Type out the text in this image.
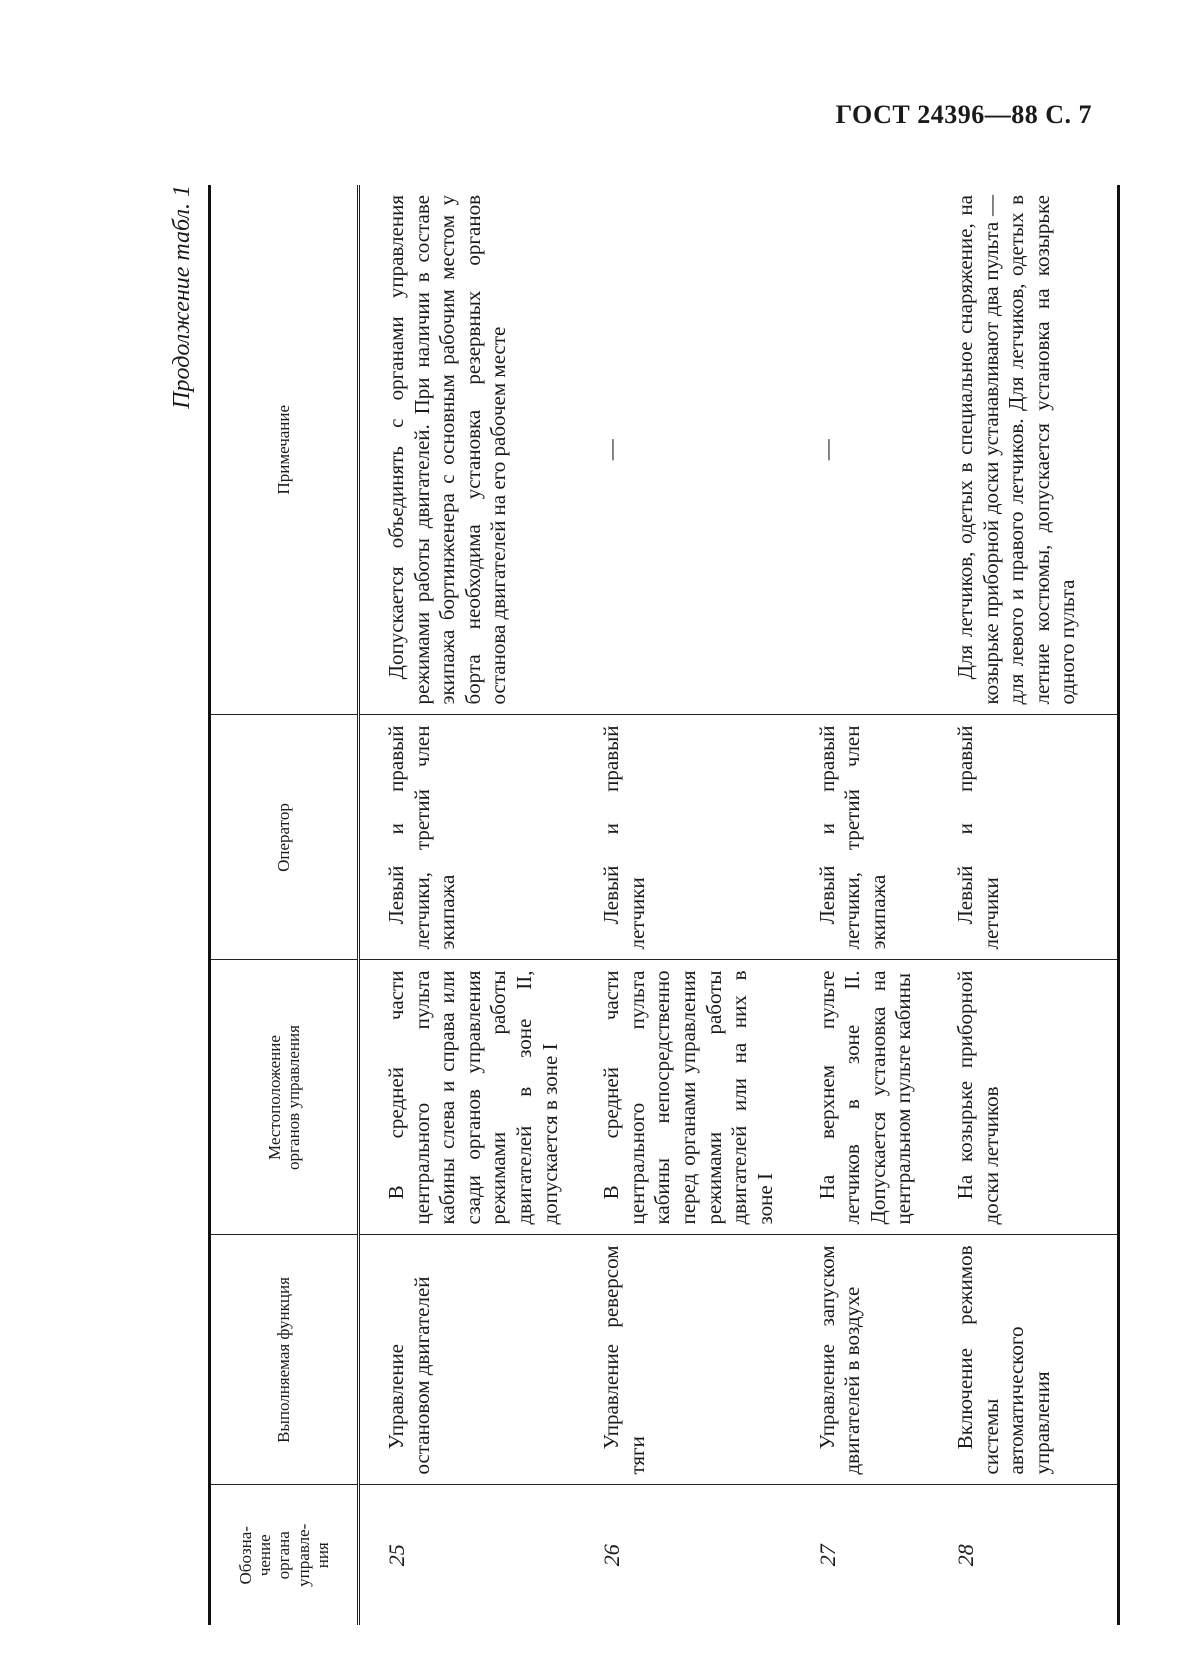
ГОСТ 24396—88 С. 7
Продолжение табл. 1
Обозна-
чение
органа
управле-
ния	Выполняемая функция	Местоположение
органов управления	Оператор	Примечание
25	Управление остановом двигателей	В средней части центрального пульта кабины слева и справа или сзади органов управления режимами работы двигателей в зоне II, допускается в зоне I	Левый и правый летчики, третий член экипажа	Допускается объединять с органами управления режимами работы двигателей. При наличии в составе экипажа бортинженера с основным рабочим местом у борта необходима установка резервных органов останова двигателей на его рабочем месте
26	Управление реверсом тяги	В средней части центрального пульта кабины непосредственно перед органами управления режимами работы двигателей или на них в зоне I	Левый и правый летчики	—
27	Управление запуском двигателей в воздухе	На верхнем пульте летчиков в зоне II. Допускается установка на центральном пульте кабины	Левый и правый летчики, третий член экипажа	—
28	Включение режимов системы автоматического управления	На козырьке приборной доски летчиков	Левый и правый летчики	Для летчиков, одетых в специальное снаряжение, на козырьке приборной доски устанавливают два пульта — для левого и правого летчиков. Для летчиков, одетых в летние костюмы, допускается установка на козырьке одного пульта
